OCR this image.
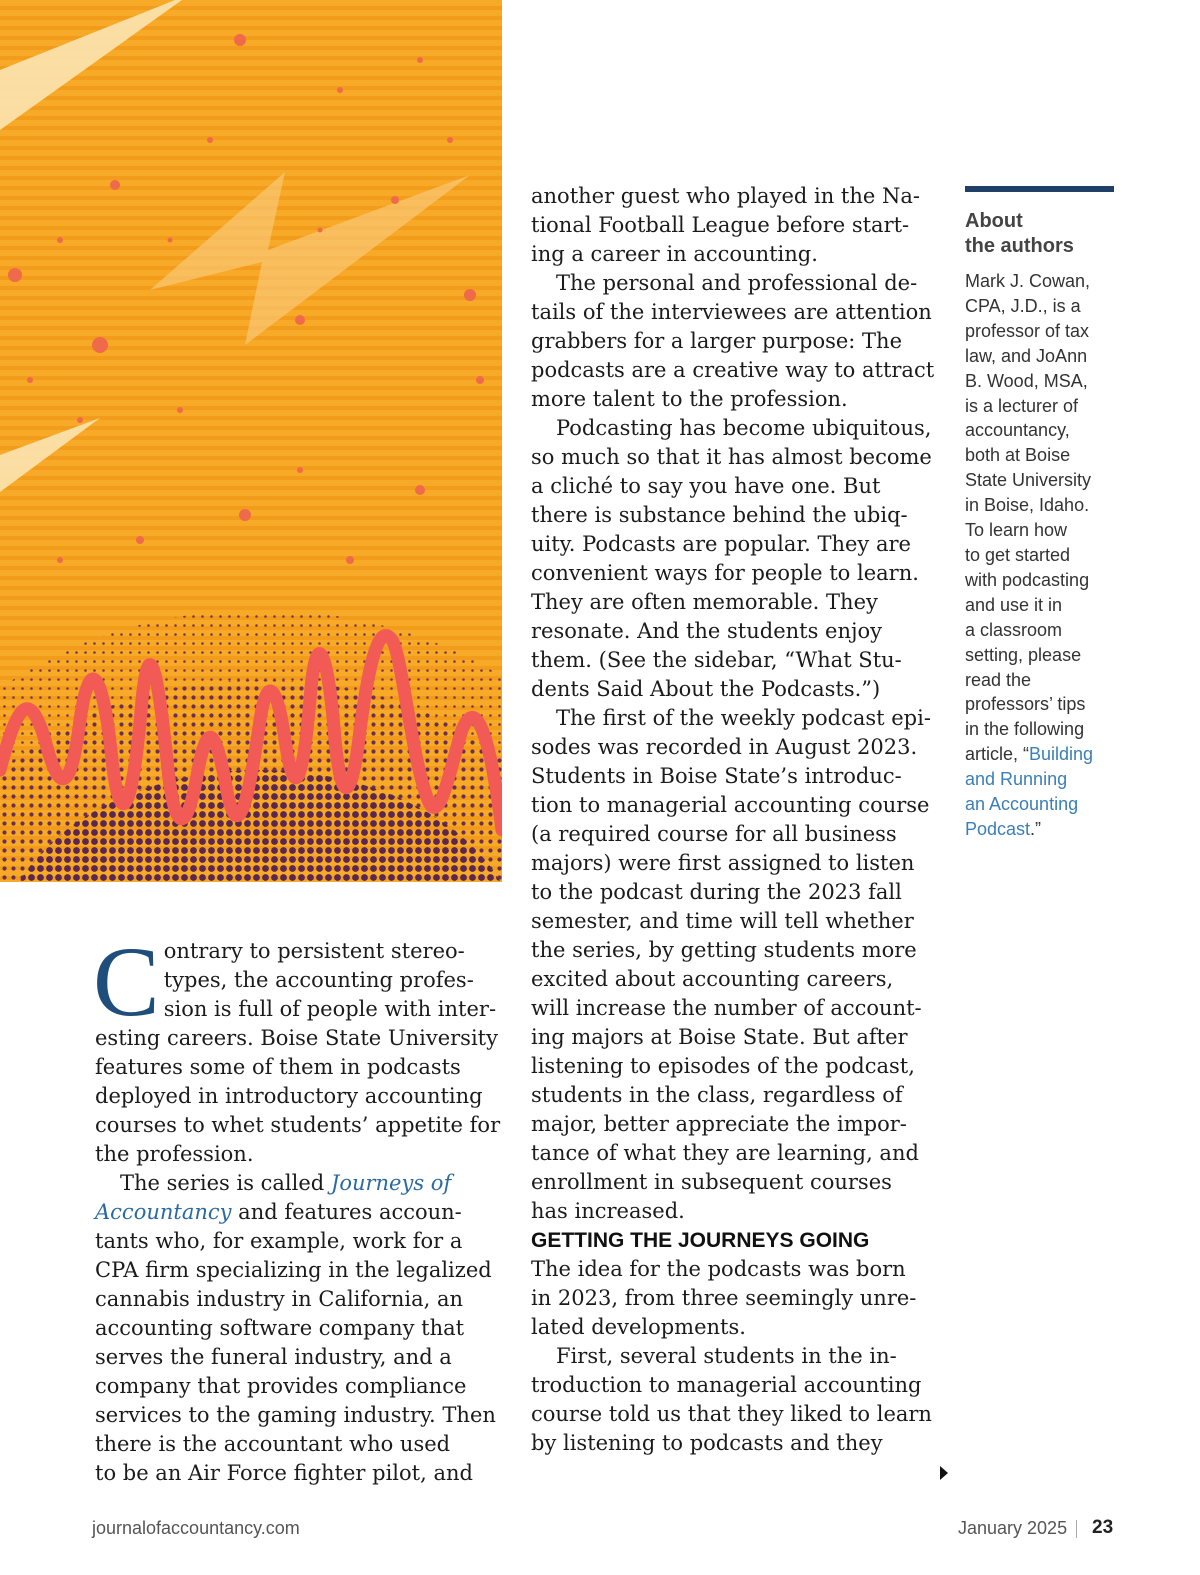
C ontrary to persistent stereo-
types, the accounting profes-
sion is full of people with inter-
esting careers. Boise State University
features some of them in podcasts
deployed in introductory accounting
courses to whet students’ appetite for
the profession.

The series is called Journeys of
Accountancy and features accoun-
tants who, for example, work for a
CPA firm specializing in the legalized
cannabis industry in California, an
accounting software company that
serves the funeral industry, and a
company that provides compliance
services to the gaming industry. Then
there is the accountant who used
to be an Air Force fighter pilot, and

another guest who played in the Na-
tional Football League before start-
ing a career in accounting.

The personal and professional de-
tails of the interviewees are attention
grabbers for a larger purpose: The
podcasts are a creative way to attract
more talent to the profession.

Podcasting has become ubiquitous,
so much so that it has almost become
a cliché to say you have one. But
there is substance behind the ubiq-
uity. Podcasts are popular. They are
convenient ways for people to learn.
They are often memorable. They
resonate. And the students enjoy
them. (See the sidebar, “What Stu-
dents Said About the Podcasts.”)

The first of the weekly podcast epi-
sodes was recorded in August 2023.
Students in Boise State’s introduc-
tion to managerial accounting course
(a required course for all business
majors) were first assigned to listen
to the podcast during the 2023 fall
semester, and time will tell whether
the series, by getting students more
excited about accounting careers,
will increase the number of account-
ing majors at Boise State. But after
listening to episodes of the podcast,
students in the class, regardless of
major, better appreciate the impor-
tance of what they are learning, and
enrollment in subsequent courses
has increased.

GETTING THE JOURNEYS GOING

The idea for the podcasts was born
in 2023, from three seemingly unre-
lated developments.

First, several students in the in-
troduction to managerial accounting
course told us that they liked to learn
by listening to podcasts and they

About
the authors
Mark J. Cowan,
CPA, J.D., is a
professor of tax
law, and JoAnn
B. Wood, MSA,
is a lecturer of
accountancy,
both at Boise
State University
in Boise, Idaho.
To learn how
to get started
with podcasting
and use it in
a classroom
setting, please
read the
professors’ tips
in the following
article, “Building
and Running
an Accounting
Podcast.”
journalofaccountancy.com	January 2025 23
